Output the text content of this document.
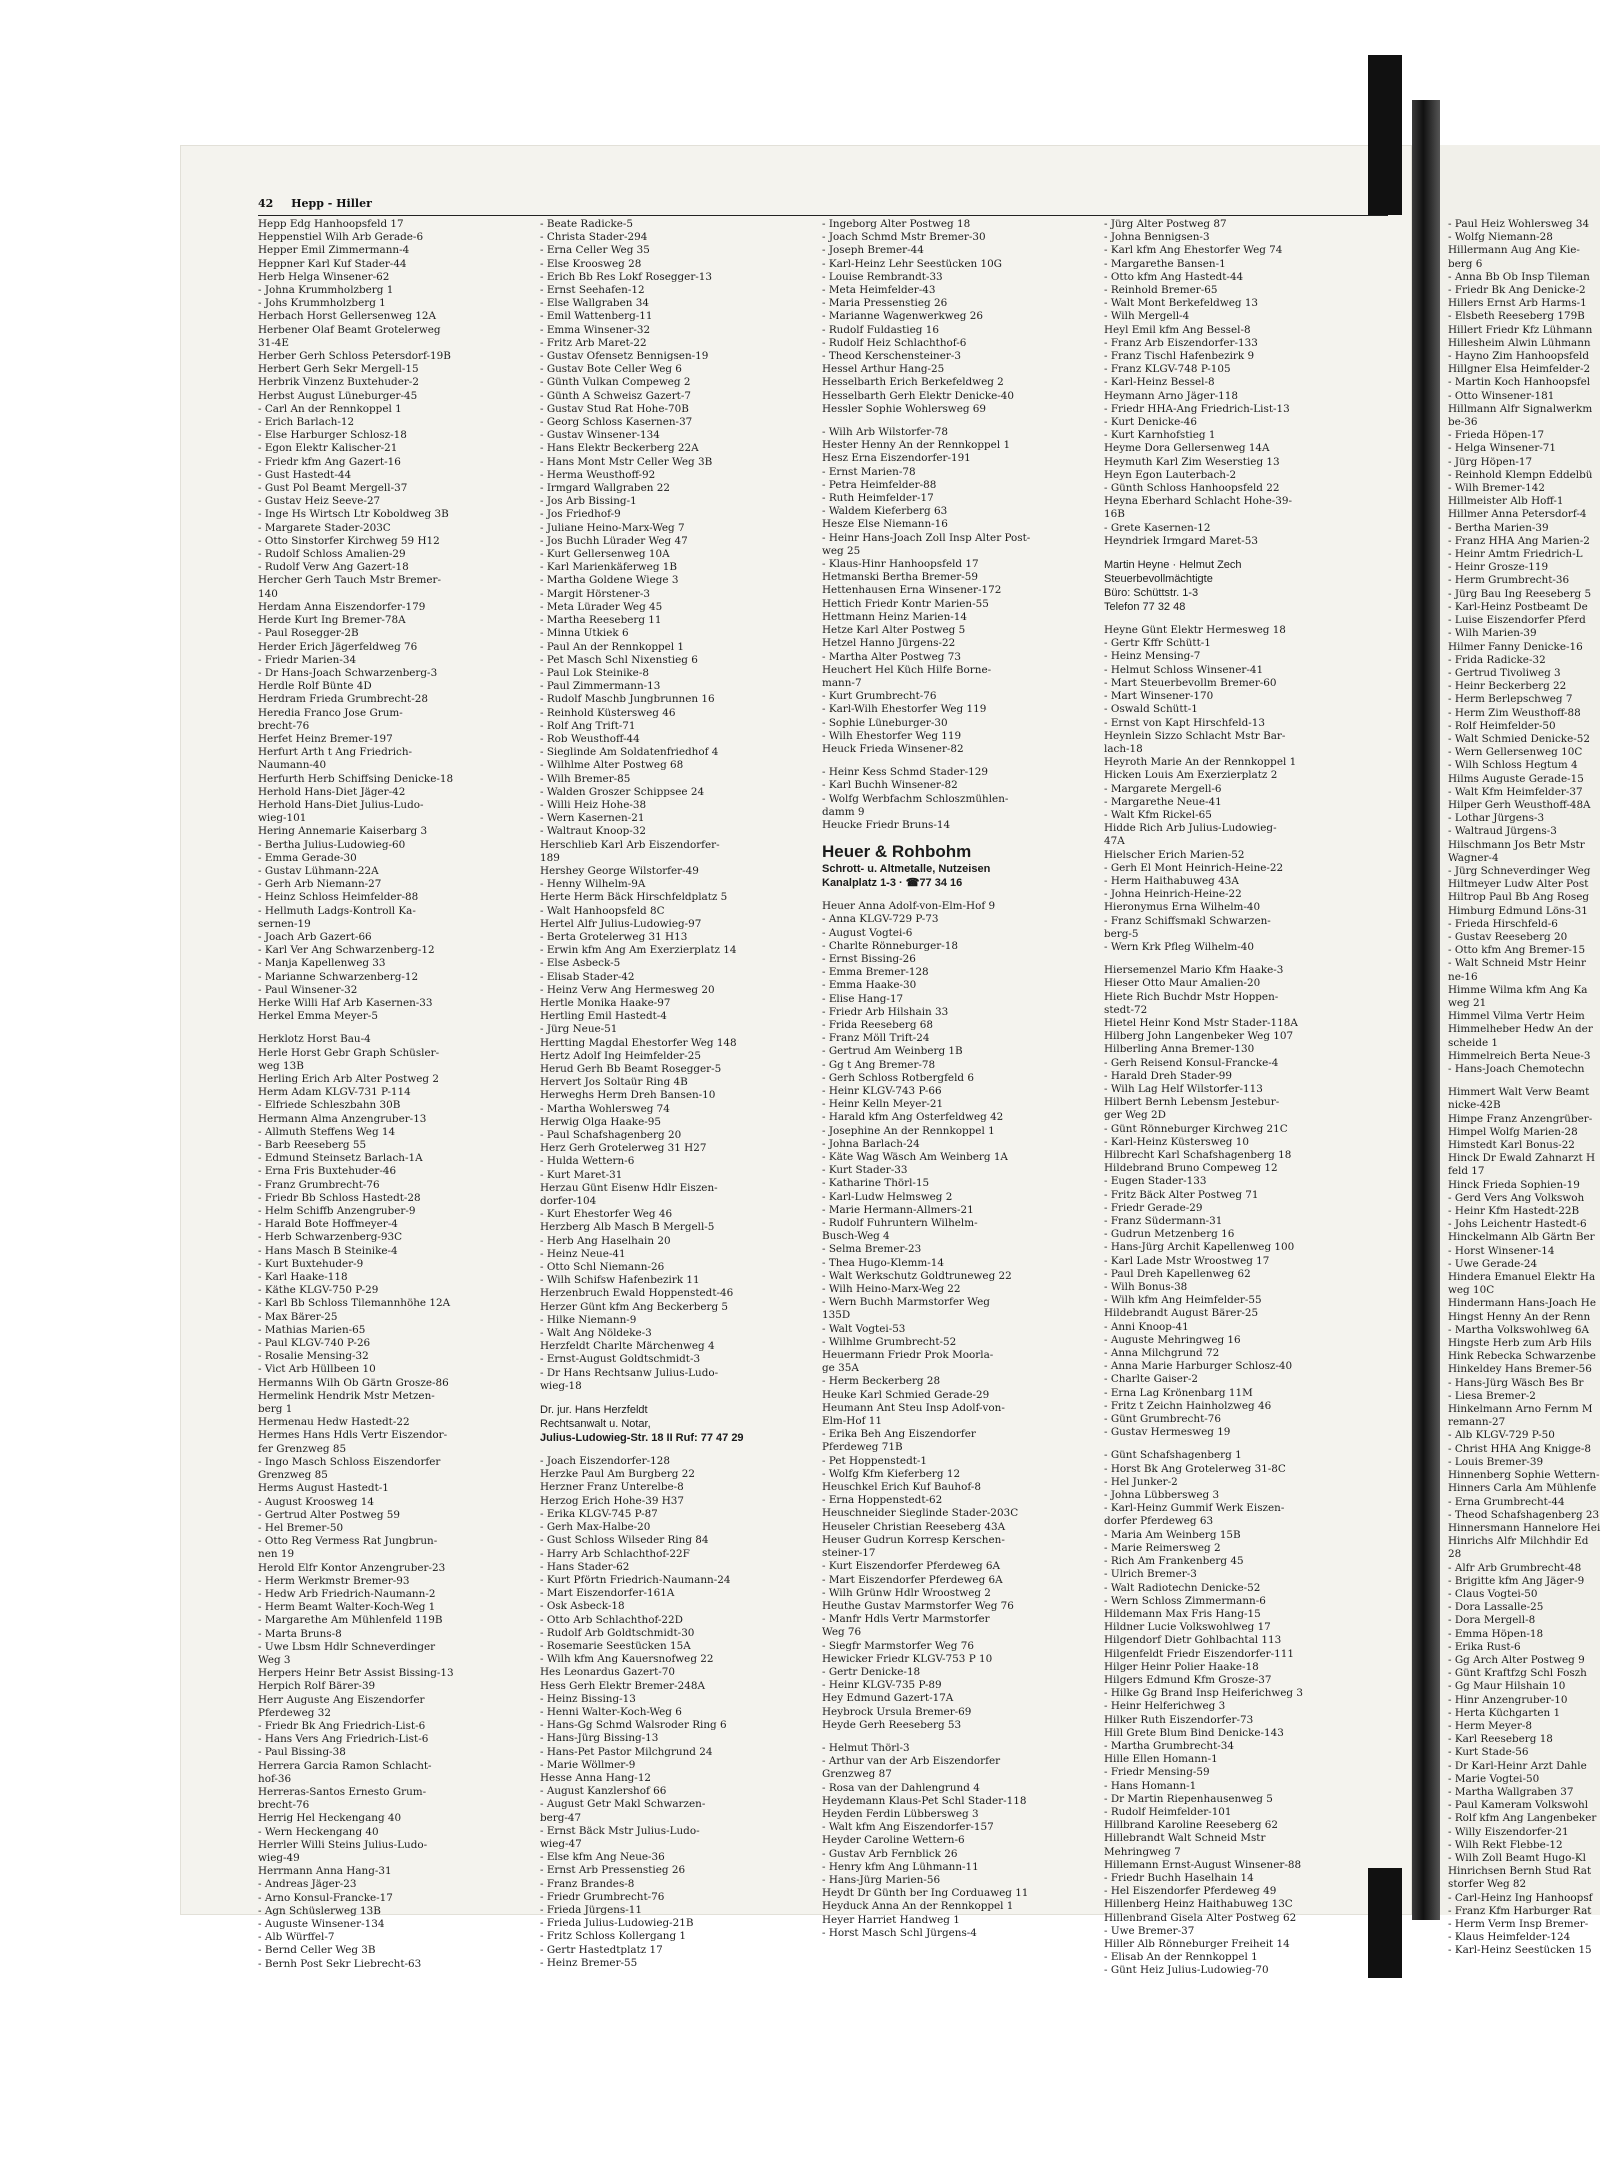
42 Hepp - Hiller
Hepp Edg Hanhoopsfeld 17
Heppenstiel Wilh Arb Gerade-6
Hepper Emil Zimmermann-4
Heppner Karl Kuf Stader-44
Herb Helga Winsener-62
- Johna Krummholzberg 1
- Johs Krummholzberg 1
Herbach Horst Gellersenweg 12A
Herbener Olaf Beamt Grotelerweg
31-4E
Herber Gerh Schloss Petersdorf-19B
Herbert Gerh Sekr Mergell-15
Herbrik Vinzenz Buxtehuder-2
Herbst August Lüneburger-45
- Carl An der Rennkoppel 1
- Erich Barlach-12
- Else Harburger Schlosz-18
- Egon Elektr Kalischer-21
- Friedr kfm Ang Gazert-16
- Gust Hastedt-44
- Gust Pol Beamt Mergell-37
- Gustav Heiz Seeve-27
- Inge Hs Wirtsch Ltr Koboldweg 3B
- Margarete Stader-203C
- Otto Sinstorfer Kirchweg 59 H12
- Rudolf Schloss Amalien-29
- Rudolf Verw Ang Gazert-18
Hercher Gerh Tauch Mstr Bremer-
140
Herdam Anna Eiszendorfer-179
Herde Kurt Ing Bremer-78A
- Paul Rosegger-2B
Herder Erich Jägerfeldweg 76
- Friedr Marien-34
- Dr Hans-Joach Schwarzenberg-3
Herdle Rolf Bünte 4D
Herdram Frieda Grumbrecht-28
Heredia Franco Jose Grum-
brecht-76
Herfet Heinz Bremer-197
Herfurt Arth t Ang Friedrich-
Naumann-40
Herfurth Herb Schiffsing Denicke-18
Herhold Hans-Diet Jäger-42
Herhold Hans-Diet Julius-Ludo-
wieg-101
Hering Annemarie Kaiserbarg 3
- Bertha Julius-Ludowieg-60
- Emma Gerade-30
- Gustav Lühmann-22A
- Gerh Arb Niemann-27
- Heinz Schloss Heimfelder-88
- Hellmuth Ladgs-Kontroll Ka-
sernen-19
- Joach Arb Gazert-66
- Karl Ver Ang Schwarzenberg-12
- Manja Kapellenweg 33
- Marianne Schwarzenberg-12
- Paul Winsener-32
Herke Willi Haf Arb Kasernen-33
Herkel Emma Meyer-5
Herklotz Horst Bau-4
Herle Horst Gebr Graph Schüsler-
weg 13B
Herling Erich Arb Alter Postweg 2
Herm Adam KLGV-731 P-114
- Elfriede Schleszbahn 30B
Hermann Alma Anzengruber-13
- Allmuth Steffens Weg 14
- Barb Reeseberg 55
- Edmund Steinsetz Barlach-1A
- Erna Fris Buxtehuder-46
- Franz Grumbrecht-76
- Friedr Bb Schloss Hastedt-28
- Helm Schiffb Anzengruber-9
- Harald Bote Hoffmeyer-4
- Herb Schwarzenberg-93C
- Hans Masch B Steinike-4
- Kurt Buxtehuder-9
- Karl Haake-118
- Käthe KLGV-750 P-29
- Karl Bb Schloss Tilemannhöhe 12A
- Max Bärer-25
- Mathias Marien-65
- Paul KLGV-740 P-26
- Rosalie Mensing-32
- Vict Arb Hüllbeen 10
Hermanns Wilh Ob Gärtn Grosze-86
Hermelink Hendrik Mstr Metzen-
berg 1
Hermenau Hedw Hastedt-22
Hermes Hans Hdls Vertr Eiszendor-
fer Grenzweg 85
- Ingo Masch Schloss Eiszendorfer
Grenzweg 85
Herms August Hastedt-1
- August Kroosweg 14
- Gertrud Alter Postweg 59
- Hel Bremer-50
- Otto Reg Vermess Rat Jungbrun-
nen 19
Herold Elfr Kontor Anzengruber-23
- Herm Werkmstr Bremer-93
- Hedw Arb Friedrich-Naumann-2
- Herm Beamt Walter-Koch-Weg 1
- Margarethe Am Mühlenfeld 119B
- Marta Bruns-8
- Uwe Lbsm Hdlr Schneverdinger
Weg 3
Herpers Heinr Betr Assist Bissing-13
Herpich Rolf Bärer-39
Herr Auguste Ang Eiszendorfer
Pferdeweg 32
- Friedr Bk Ang Friedrich-List-6
- Hans Vers Ang Friedrich-List-6
- Paul Bissing-38
Herrera Garcia Ramon Schlacht-
hof-36
Herreras-Santos Ernesto Grum-
brecht-76
Herrig Hel Heckengang 40
- Wern Heckengang 40
Herrler Willi Steins Julius-Ludo-
wieg-49
Herrmann Anna Hang-31
- Andreas Jäger-23
- Arno Konsul-Francke-17
- Agn Schüslerweg 13B
- Auguste Winsener-134
- Alb Würffel-7
- Bernd Celler Weg 3B
- Bernh Post Sekr Liebrecht-63
- Beate Radicke-5
- Christa Stader-294
- Erna Celler Weg 35
- Else Kroosweg 28
- Erich Bb Res Lokf Rosegger-13
- Ernst Seehafen-12
- Else Wallgraben 34
- Emil Wattenberg-11
- Emma Winsener-32
- Fritz Arb Maret-22
- Gustav Ofensetz Bennigsen-19
- Gustav Bote Celler Weg 6
- Günth Vulkan Compeweg 2
- Günth A Schweisz Gazert-7
- Gustav Stud Rat Hohe-70B
- Georg Schloss Kasernen-37
- Gustav Winsener-134
- Hans Elektr Beckerberg 22A
- Hans Mont Mstr Celler Weg 3B
- Herma Weusthoff-92
- Irmgard Wallgraben 22
- Jos Arb Bissing-1
- Jos Friedhof-9
- Juliane Heino-Marx-Weg 7
- Jos Buchh Lürader Weg 47
- Kurt Gellersenweg 10A
- Karl Marienkäferweg 1B
- Martha Goldene Wiege 3
- Margit Hörstener-3
- Meta Lürader Weg 45
- Martha Reeseberg 11
- Minna Utkiek 6
- Paul An der Rennkoppel 1
- Pet Masch Schl Nixenstieg 6
- Paul Lok Steinike-8
- Paul Zimmermann-13
- Rudolf Maschb Jungbrunnen 16
- Reinhold Küstersweg 46
- Rolf Ang Trift-71
- Rob Weusthoff-44
- Sieglinde Am Soldatenfriedhof 4
- Wilhlme Alter Postweg 68
- Wilh Bremer-85
- Walden Groszer Schippsee 24
- Willi Heiz Hohe-38
- Wern Kasernen-21
- Waltraut Knoop-32
Herschlieb Karl Arb Eiszendorfer-
189
Hershey George Wilstorfer-49
- Henny Wilhelm-9A
Herte Herm Bäck Hirschfeldplatz 5
- Walt Hanhoopsfeld 8C
Hertel Alfr Julius-Ludowieg-97
- Berta Grotelerweg 31 H13
- Erwin kfm Ang Am Exerzierplatz 14
- Else Asbeck-5
- Elisab Stader-42
- Heinz Verw Ang Hermesweg 20
Hertle Monika Haake-97
Hertling Emil Hastedt-4
- Jürg Neue-51
Hertting Magdal Ehestorfer Weg 148
Hertz Adolf Ing Heimfelder-25
Herud Gerh Bb Beamt Rosegger-5
Hervert Jos Soltaür Ring 4B
Herweghs Herm Dreh Bansen-10
- Martha Wohlersweg 74
Herwig Olga Haake-95
- Paul Schafshagenberg 20
Herz Gerh Grotelerweg 31 H27
- Hulda Wettern-6
- Kurt Maret-31
Herzau Günt Eisenw Hdlr Eiszen-
dorfer-104
- Kurt Ehestorfer Weg 46
Herzberg Alb Masch B Mergell-5
- Herb Ang Haselhain 20
- Heinz Neue-41
- Otto Schl Niemann-26
- Wilh Schifsw Hafenbezirk 11
Herzenbruch Ewald Hoppenstedt-46
Herzer Günt kfm Ang Beckerberg 5
- Hilke Niemann-9
- Walt Ang Nöldeke-3
Herzfeldt Charlte Märchenweg 4
- Ernst-August Goldtschmidt-3
- Dr Hans Rechtsanw Julius-Ludo-
wieg-18
Dr. jur. Hans Herzfeldt
Rechtsanwalt u. Notar,
Julius-Ludowieg-Str. 18 II Ruf: 77 47 29
- Joach Eiszendorfer-128
Herzke Paul Am Burgberg 22
Herzner Franz Unterelbe-8
Herzog Erich Hohe-39 H37
- Erika KLGV-745 P-87
- Gerh Max-Halbe-20
- Gust Schloss Wilseder Ring 84
- Harry Arb Schlachthof-22F
- Hans Stader-62
- Kurt Pförtn Friedrich-Naumann-24
- Mart Eiszendorfer-161A
- Osk Asbeck-18
- Otto Arb Schlachthof-22D
- Rudolf Arb Goldtschmidt-30
- Rosemarie Seestücken 15A
- Wilh kfm Ang Kauersnofweg 22
Hes Leonardus Gazert-70
Hess Gerh Elektr Bremer-248A
- Heinz Bissing-13
- Henni Walter-Koch-Weg 6
- Hans-Gg Schmd Walsroder Ring 6
- Hans-Jürg Bissing-13
- Hans-Pet Pastor Milchgrund 24
- Marie Wöllmer-9
Hesse Anna Hang-12
- August Kanzlershof 66
- August Getr Makl Schwarzen-
berg-47
- Ernst Bäck Mstr Julius-Ludo-
wieg-47
- Else kfm Ang Neue-36
- Ernst Arb Pressenstieg 26
- Franz Brandes-8
- Friedr Grumbrecht-76
- Frieda Jürgens-11
- Frieda Julius-Ludowieg-21B
- Fritz Schloss Kollergang 1
- Gertr Hastedtplatz 17
- Heinz Bremer-55
- Ingeborg Alter Postweg 18
- Joach Schmd Mstr Bremer-30
- Joseph Bremer-44
- Karl-Heinz Lehr Seestücken 10G
- Louise Rembrandt-33
- Meta Heimfelder-43
- Maria Pressenstieg 26
- Marianne Wagenwerkweg 26
- Rudolf Fuldastieg 16
- Rudolf Heiz Schlachthof-6
- Theod Kerschensteiner-3
Hessel Arthur Hang-25
Hesselbarth Erich Berkefeldweg 2
Hesselbarth Gerh Elektr Denicke-40
Hessler Sophie Wohlersweg 69
- Wilh Arb Wilstorfer-78
Hester Henny An der Rennkoppel 1
Hesz Erna Eiszendorfer-191
- Ernst Marien-78
- Petra Heimfelder-88
- Ruth Heimfelder-17
- Waldem Kieferberg 63
Hesze Else Niemann-16
- Heinr Hans-Joach Zoll Insp Alter Post-
weg 25
- Klaus-Hinr Hanhoopsfeld 17
Hetmanski Bertha Bremer-59
Hettenhausen Erna Winsener-172
Hettich Friedr Kontr Marien-55
Hettmann Heinz Marien-14
Hetze Karl Alter Postweg 5
Hetzel Hanno Jürgens-22
- Martha Alter Postweg 73
Heuchert Hel Küch Hilfe Borne-
mann-7
- Kurt Grumbrecht-76
- Karl-Wilh Ehestorfer Weg 119
- Sophie Lüneburger-30
- Wilh Ehestorfer Weg 119
Heuck Frieda Winsener-82
- Heinr Kess Schmd Stader-129
- Karl Buchh Winsener-82
- Wolfg Werbfachm Schloszmühlen-
damm 9
Heucke Friedr Bruns-14
Heuer & Rohbohm
Schrott- u. Altmetalle, Nutzeisen
Kanalplatz 1-3 · ☎77 34 16
Heuer Anna Adolf-von-Elm-Hof 9
- Anna KLGV-729 P-73
- August Vogtei-6
- Charlte Rönneburger-18
- Ernst Bissing-26
- Emma Bremer-128
- Emma Haake-30
- Elise Hang-17
- Friedr Arb Hilshain 33
- Frida Reeseberg 68
- Franz Möll Trift-24
- Gertrud Am Weinberg 1B
- Gg t Ang Bremer-78
- Gerh Schloss Rotbergfeld 6
- Heinr KLGV-743 P-66
- Heinr Kelln Meyer-21
- Harald kfm Ang Osterfeldweg 42
- Josephine An der Rennkoppel 1
- Johna Barlach-24
- Käte Wag Wäsch Am Weinberg 1A
- Kurt Stader-33
- Katharine Thörl-15
- Karl-Ludw Helmsweg 2
- Marie Hermann-Allmers-21
- Rudolf Fuhruntern Wilhelm-
Busch-Weg 4
- Selma Bremer-23
- Thea Hugo-Klemm-14
- Walt Werkschutz Goldtruneweg 22
- Wilh Heino-Marx-Weg 22
- Wern Buchh Marmstorfer Weg
135D
- Walt Vogtei-53
- Wilhlme Grumbrecht-52
Heuermann Friedr Prok Moorla-
ge 35A
- Herm Beckerberg 28
Heuke Karl Schmied Gerade-29
Heumann Ant Steu Insp Adolf-von-
Elm-Hof 11
- Erika Beh Ang Eiszendorfer
Pferdeweg 71B
- Pet Hoppenstedt-1
- Wolfg Kfm Kieferberg 12
Heuschkel Erich Kuf Bauhof-8
- Erna Hoppenstedt-62
Heuschneider Sieglinde Stader-203C
Heuseler Christian Reeseberg 43A
Heuser Gudrun Korresp Kerschen-
steiner-17
- Kurt Eiszendorfer Pferdeweg 6A
- Mart Eiszendorfer Pferdeweg 6A
- Wilh Grünw Hdlr Wroostweg 2
Heuthe Gustav Marmstorfer Weg 76
- Manfr Hdls Vertr Marmstorfer
Weg 76
- Siegfr Marmstorfer Weg 76
Hewicker Friedr KLGV-753 P 10
- Gertr Denicke-18
- Heinr KLGV-735 P-89
Hey Edmund Gazert-17A
Heybrock Ursula Bremer-69
Heyde Gerh Reeseberg 53
- Helmut Thörl-3
- Arthur van der Arb Eiszendorfer
Grenzweg 87
- Rosa van der Dahlengrund 4
Heydemann Klaus-Pet Schl Stader-118
Heyden Ferdin Lübbersweg 3
- Walt kfm Ang Eiszendorfer-157
Heyder Caroline Wettern-6
- Gustav Arb Fernblick 26
- Henry kfm Ang Lühmann-11
- Hans-Jürg Marien-56
Heydt Dr Günth ber Ing Corduaweg 11
Heyduck Anna An der Rennkoppel 1
Heyer Harriet Handweg 1
- Horst Masch Schl Jürgens-4
- Jürg Alter Postweg 87
- Johna Bennigsen-3
- Karl kfm Ang Ehestorfer Weg 74
- Margarethe Bansen-1
- Otto kfm Ang Hastedt-44
- Reinhold Bremer-65
- Walt Mont Berkefeldweg 13
- Wilh Mergell-4
Heyl Emil kfm Ang Bessel-8
- Franz Arb Eiszendorfer-133
- Franz Tischl Hafenbezirk 9
- Franz KLGV-748 P-105
- Karl-Heinz Bessel-8
Heymann Arno Jäger-118
- Friedr HHA-Ang Friedrich-List-13
- Kurt Denicke-46
- Kurt Karnhofstieg 1
Heyme Dora Gellersenweg 14A
Heymuth Karl Zim Weserstieg 13
Heyn Egon Lauterbach-2
- Günth Schloss Hanhoopsfeld 22
Heyna Eberhard Schlacht Hohe-39-
16B
- Grete Kasernen-12
Heyndriek Irmgard Maret-53
Martin Heyne · Helmut Zech
Steuerbevollmächtigte
Büro: Schüttstr. 1-3
Telefon 77 32 48
Heyne Günt Elektr Hermesweg 18
- Gertr Kffr Schütt-1
- Heinz Mensing-7
- Helmut Schloss Winsener-41
- Mart Steuerbevollm Bremer-60
- Mart Winsener-170
- Oswald Schütt-1
- Ernst von Kapt Hirschfeld-13
Heynlein Sizzo Schlacht Mstr Bar-
lach-18
Heyroth Marie An der Rennkoppel 1
Hicken Louis Am Exerzierplatz 2
- Margarete Mergell-6
- Margarethe Neue-41
- Walt Kfm Rickel-65
Hidde Rich Arb Julius-Ludowieg-
47A
Hielscher Erich Marien-52
- Gerh El Mont Heinrich-Heine-22
- Herm Haithabuweg 43A
- Johna Heinrich-Heine-22
Hieronymus Erna Wilhelm-40
- Franz Schiffsmakl Schwarzen-
berg-5
- Wern Krk Pfleg Wilhelm-40
Hiersemenzel Mario Kfm Haake-3
Hieser Otto Maur Amalien-20
Hiete Rich Buchdr Mstr Hoppen-
stedt-72
Hietel Heinr Kond Mstr Stader-118A
Hilberg John Langenbeker Weg 107
Hilberling Anna Bremer-130
- Gerh Reisend Konsul-Francke-4
- Harald Dreh Stader-99
- Wilh Lag Helf Wilstorfer-113
Hilbert Bernh Lebensm Jestebur-
ger Weg 2D
- Günt Rönneburger Kirchweg 21C
- Karl-Heinz Küstersweg 10
Hilbrecht Karl Schafshagenberg 18
Hildebrand Bruno Compeweg 12
- Eugen Stader-133
- Fritz Bäck Alter Postweg 71
- Friedr Gerade-29
- Franz Südermann-31
- Gudrun Metzenberg 16
- Hans-Jürg Archit Kapellenweg 100
- Karl Lade Mstr Wroostweg 17
- Paul Dreh Kapellenweg 62
- Wilh Bonus-38
- Wilh kfm Ang Heimfelder-55
Hildebrandt August Bärer-25
- Anni Knoop-41
- Auguste Mehringweg 16
- Anna Milchgrund 72
- Anna Marie Harburger Schlosz-40
- Charlte Gaiser-2
- Erna Lag Krönenbarg 11M
- Fritz t Zeichn Hainholzweg 46
- Günt Grumbrecht-76
- Gustav Hermesweg 19
- Günt Schafshagenberg 1
- Horst Bk Ang Grotelerweg 31-8C
- Hel Junker-2
- Johna Lübbersweg 3
- Karl-Heinz Gummif Werk Eiszen-
dorfer Pferdeweg 63
- Maria Am Weinberg 15B
- Marie Reimersweg 2
- Rich Am Frankenberg 45
- Ulrich Bremer-3
- Walt Radiotechn Denicke-52
- Wern Schloss Zimmermann-6
Hildemann Max Fris Hang-15
Hildner Lucie Volkswohlweg 17
Hilgendorf Dietr Gohlbachtal 113
Hilgenfeldt Friedr Eiszendorfer-111
Hilger Heinr Polier Haake-18
Hilgers Edmund Kfm Grosze-37
- Hilke Gg Brand Insp Heiferichweg 3
- Heinr Helferichweg 3
Hilker Ruth Eiszendorfer-73
Hill Grete Blum Bind Denicke-143
- Martha Grumbrecht-34
Hille Ellen Homann-1
- Friedr Mensing-59
- Hans Homann-1
- Dr Martin Riepenhausenweg 5
- Rudolf Heimfelder-101
Hillbrand Karoline Reeseberg 62
Hillebrandt Walt Schneid Mstr
Mehringweg 7
Hillemann Ernst-August Winsener-88
- Friedr Buchh Haselhain 14
- Hel Eiszendorfer Pferdeweg 49
Hillenberg Heinz Haithabuweg 13C
Hillenbrand Gisela Alter Postweg 62
- Uwe Bremer-37
Hiller Alb Rönneburger Freiheit 14
- Elisab An der Rennkoppel 1
- Günt Heiz Julius-Ludowieg-70
- Paul Heiz Wohlersweg 34
- Wolfg Niemann-28
Hillermann Aug Ang Kie-
berg 6
- Anna Bb Ob Insp Tileman
- Friedr Bk Ang Denicke-2
Hillers Ernst Arb Harms-1
- Elsbeth Reeseberg 179B
Hillert Friedr Kfz Lühmann
Hillesheim Alwin Lühmann
- Hayno Zim Hanhoopsfeld
Hillgner Elsa Heimfelder-2
- Martin Koch Hanhoopsfel
- Otto Winsener-181
Hillmann Alfr Signalwerkm
be-36
- Frieda Höpen-17
- Helga Winsener-71
- Jürg Höpen-17
- Reinhold Klempn Eddelbü
- Wilh Bremer-142
Hillmeister Alb Hoff-1
Hillmer Anna Petersdorf-4
- Bertha Marien-39
- Franz HHA Ang Marien-2
- Heinr Amtm Friedrich-L
- Heinr Grosze-119
- Herm Grumbrecht-36
- Jürg Bau Ing Reeseberg 5
- Karl-Heinz Postbeamt De
- Luise Eiszendorfer Pferd
- Wilh Marien-39
Hilmer Fanny Denicke-16
- Frida Radicke-32
- Gertrud Tivoliweg 3
- Heinr Beckerberg 22
- Herm Berlepschweg 7
- Herm Zim Weusthoff-88
- Rolf Heimfelder-50
- Walt Schmied Denicke-52
- Wern Gellersenweg 10C
- Wilh Schloss Hegtum 4
Hilms Auguste Gerade-15
- Walt Kfm Heimfelder-37
Hilper Gerh Weusthoff-48A
- Lothar Jürgens-3
- Waltraud Jürgens-3
Hilschmann Jos Betr Mstr
Wagner-4
- Jürg Schneverdinger Weg
Hiltmeyer Ludw Alter Post
Hiltrop Paul Bb Ang Roseg
Himburg Edmund Löns-31
- Frieda Hirschfeld-6
- Gustav Reeseberg 20
- Otto kfm Ang Bremer-15
- Walt Schneid Mstr Heinr
ne-16
Himme Wilma kfm Ang Ka
weg 21
Himmel Vilma Vertr Heim
Himmelheber Hedw An der
scheide 1
Himmelreich Berta Neue-3
- Hans-Joach Chemotechn
Himmert Walt Verw Beamt
nicke-42B
Himpe Franz Anzengrüber-
Himpel Wolfg Marien-28
Himstedt Karl Bonus-22
Hinck Dr Ewald Zahnarzt H
feld 17
Hinck Frieda Sophien-19
- Gerd Vers Ang Volkswoh
- Heinr Kfm Hastedt-22B
- Johs Leichentr Hastedt-6
Hinckelmann Alb Gärtn Ber
- Horst Winsener-14
- Uwe Gerade-24
Hindera Emanuel Elektr Ha
weg 10C
Hindermann Hans-Joach He
Hingst Henny An der Renn
- Martha Volkswohlweg 6A
Hingste Herb zum Arb Hils
Hink Rebecka Schwarzenbe
Hinkeldey Hans Bremer-56
- Hans-Jürg Wäsch Bes Br
- Liesa Bremer-2
Hinkelmann Arno Fernm M
remann-27
- Alb KLGV-729 P-50
- Christ HHA Ang Knigge-8
- Louis Bremer-39
Hinnenberg Sophie Wettern-
Hinners Carla Am Mühlenfe
- Erna Grumbrecht-44
- Theod Schafshagenberg 23
Hinnersmann Hannelore Hei
Hinrichs Alfr Milchhdir Ed
28
- Alfr Arb Grumbrecht-48
- Brigitte kfm Ang Jäger-9
- Claus Vogtei-50
- Dora Lassalle-25
- Dora Mergell-8
- Emma Höpen-18
- Erika Rust-6
- Gg Arch Alter Postweg 9
- Günt Kraftfzg Schl Foszh
- Gg Maur Hilshain 10
- Hinr Anzengruber-10
- Herta Küchgarten 1
- Herm Meyer-8
- Karl Reeseberg 18
- Kurt Stade-56
- Dr Karl-Heinr Arzt Dahle
- Marie Vogtei-50
- Martha Wallgraben 37
- Paul Kameram Volkswohl
- Rolf kfm Ang Langenbeker
- Willy Eiszendorfer-21
- Wilh Rekt Flebbe-12
- Wilh Zoll Beamt Hugo-Kl
Hinrichsen Bernh Stud Rat
storfer Weg 82
- Carl-Heinz Ing Hanhoopsf
- Franz Kfm Harburger Rat
- Herm Verm Insp Bremer-
- Klaus Heimfelder-124
- Karl-Heinz Seestücken 15
